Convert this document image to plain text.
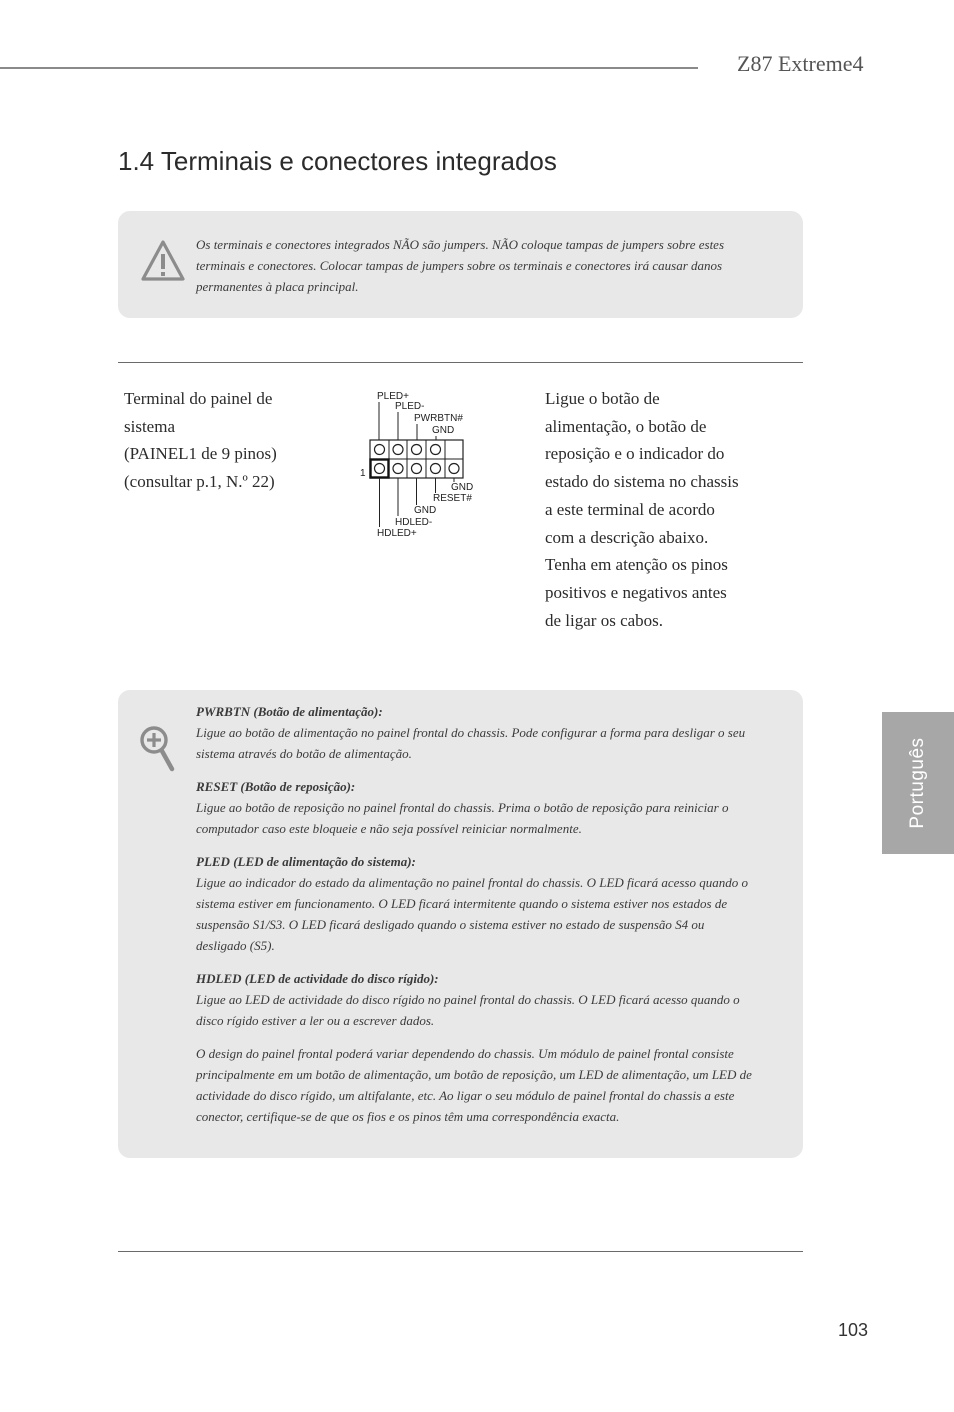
Z87 Extreme4
1.4 Terminais e conectores integrados
Os terminais e conectores integrados NÃO são jumpers. NÃO coloque tampas de jumpers sobre estes terminais e conectores. Colocar tampas de jumpers sobre os terminais e conectores irá causar danos permanentes à placa principal.
Terminal do painel de
sistema
(PAINEL1 de 9 pinos)
(consultar p.1, N.º 22)
PLED+
PLED-
PWRBTN#
GND
1
GND
RESET#
GND
HDLED-
HDLED+
Ligue o botão de alimentação, o botão de reposição e o indicador do estado do sistema no chassis a este terminal de acordo com a descrição abaixo. Tenha em atenção os pinos positivos e negativos antes de ligar os cabos.
PWRBTN (Botão de alimentação):
Ligue ao botão de alimentação no painel frontal do chassis. Pode configurar a forma para desligar o seu sistema através do botão de alimentação.
RESET (Botão de reposição):
Ligue ao botão de reposição no painel frontal do chassis. Prima o botão de reposição para reiniciar o computador caso este bloqueie e não seja possível reiniciar normalmente.
PLED (LED de alimentação do sistema):
Ligue ao indicador do estado da alimentação no painel frontal do chassis. O LED ficará acesso quando o sistema estiver em funcionamento. O LED ficará intermitente quando o sistema estiver nos estados de suspensão S1/S3. O LED ficará desligado quando o sistema estiver no estado de suspensão S4 ou desligado (S5).
HDLED (LED de actividade do disco rígido):
Ligue ao LED de actividade do disco rígido no painel frontal do chassis. O LED ficará acesso quando o disco rígido estiver a ler ou a escrever dados.
O design do painel frontal poderá variar dependendo do chassis. Um módulo de painel frontal consiste principalmente em um botão de alimentação, um botão de reposição, um LED de alimentação, um LED de actividade do disco rígido, um altifalante, etc. Ao ligar o seu módulo de painel frontal do chassis a este conector, certifique-se de que os fios e os pinos têm uma correspondência exacta.
Português
103
